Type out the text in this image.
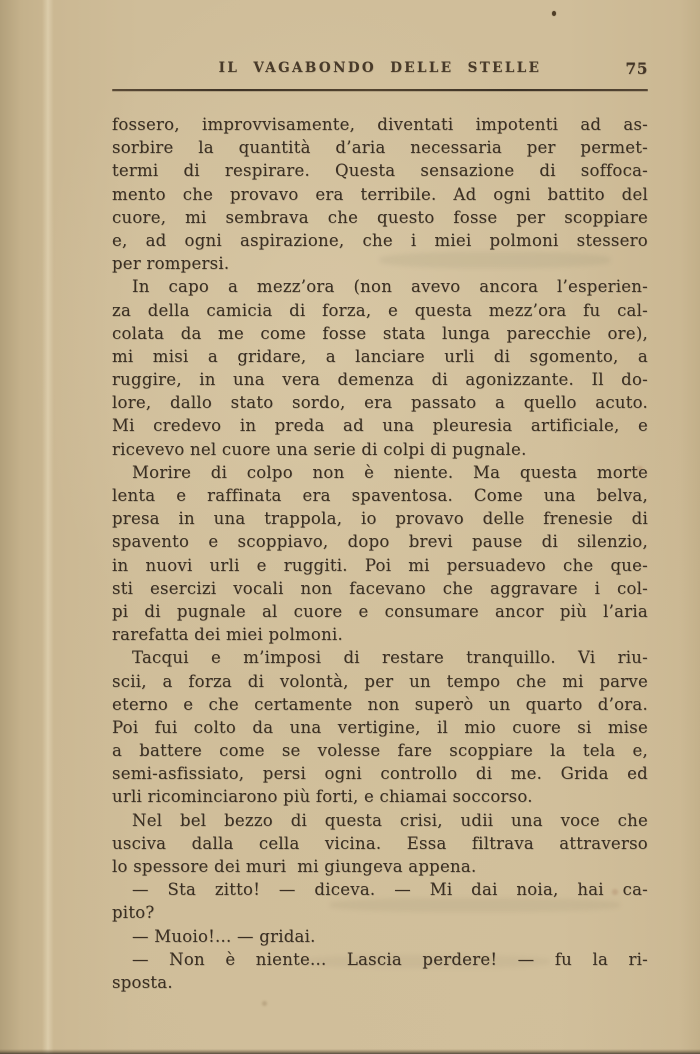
IL VAGABONDO DELLE STELLE	75
fossero, improvvisamente, diventati impotenti ad as-
sorbire la quantità d’aria necessaria per permet-
termi di respirare. Questa sensazione di soffoca-
mento che provavo era terribile. Ad ogni battito del
cuore, mi sembrava che questo fosse per scoppiare
e, ad ogni aspirazione, che i miei polmoni stessero
per rompersi.
In capo a mezz’ora (non avevo ancora l’esperien-
za della camicia di forza, e questa mezz’ora fu cal-
colata da me come fosse stata lunga parecchie ore),
mi misi a gridare, a lanciare urli di sgomento, a
ruggire, in una vera demenza di agonizzante. Il do-
lore, dallo stato sordo, era passato a quello acuto.
Mi credevo in preda ad una pleuresia artificiale, e
ricevevo nel cuore una serie di colpi di pugnale.
Morire di colpo non è niente. Ma questa morte
lenta e raffinata era spaventosa. Come una belva,
presa in una trappola, io provavo delle frenesie di
spavento e scoppiavo, dopo brevi pause di silenzio,
in nuovi urli e ruggiti. Poi mi persuadevo che que-
sti esercizi vocali non facevano che aggravare i col-
pi di pugnale al cuore e consumare ancor più l’aria
rarefatta dei miei polmoni.
Tacqui e m’imposi di restare tranquillo. Vi riu-
scii, a forza di volontà, per un tempo che mi parve
eterno e che certamente non superò un quarto d’ora.
Poi fui colto da una vertigine, il mio cuore si mise
a battere come se volesse fare scoppiare la tela e,
semi-asfissiato, persi ogni controllo di me. Grida ed
urli ricominciarono più forti, e chiamai soccorso.
Nel bel bezzo di questa crisi, udii una voce che
usciva dalla cella vicina. Essa filtrava attraverso
lo spessore dei muri  mi giungeva appena.
— Sta zitto! — diceva. — Mi dai noia, hai ca-
pito?
— Muoio!... — gridai.
— Non è niente... Lascia perdere! — fu la ri-
sposta.
